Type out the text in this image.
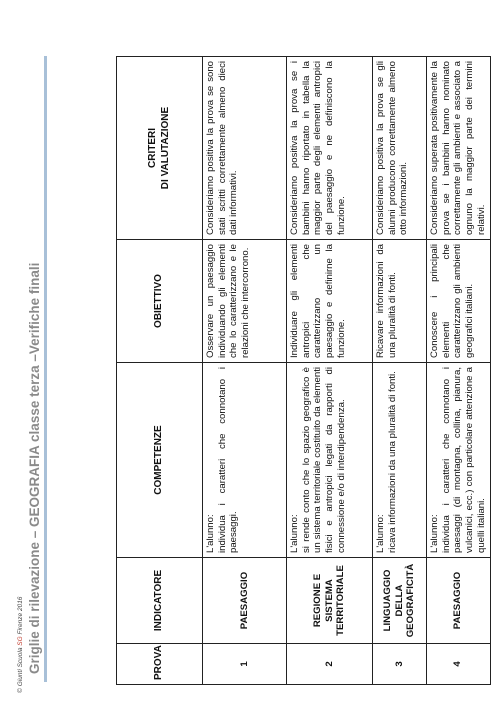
Griglie di rilevazione – GEOGRAFIA classe terza –Verifiche finali
©Giunti Scuola SG Firenze 2016
PROVA	INDICATORE	COMPETENZE	OBIETTIVO	CRITERI DI VALUTAZIONE

1	PAESAGGIO	L'alunno: individua i caratteri che connotano i paesaggi.	Osservare un paesaggio individuando gli elementi che lo caratterizzano e le relazioni che intercorrono.	Consideriamo positiva la prova se sono stati scritti correttamente almeno dieci dati informativi.
2	REGIONE E SISTEMA TERRITORIALE	L'alunno: si rende conto che lo spazio geografico è un sistema territoriale costituito da elementi fisici e antropici legati da rapporti di connessione e/o di interdipendenza.	Individuare gli elementi antropici che caratterizzano un paesaggio e definirne la funzione.	Consideriamo positiva la prova se i bambini hanno riportato in tabella la maggior parte degli elementi antropici del paesaggio e ne definiscono la funzione.
3	LINGUAGGIO DELLA GEOGRAFICITÀ	L'alunno: ricava informazioni da una pluralità di fonti.	Ricavare informazioni da una pluralità di fonti.	Consideriamo positiva la prova se gli alunni producono correttamente almeno otto informazioni.
4	PAESAGGIO	L'alunno: individua i caratteri che connotano i paesaggi (di montagna, collina, pianura, vulcanici, ecc.) con particolare attenzione a quelli italiani.	Conoscere i principali elementi che caratterizzano gli ambienti geografici italiani.	Consideriamo superata positivamente la prova se i bambini hanno nominato correttamente gli ambienti e associato a ognuno la maggior parte dei termini relativi.
